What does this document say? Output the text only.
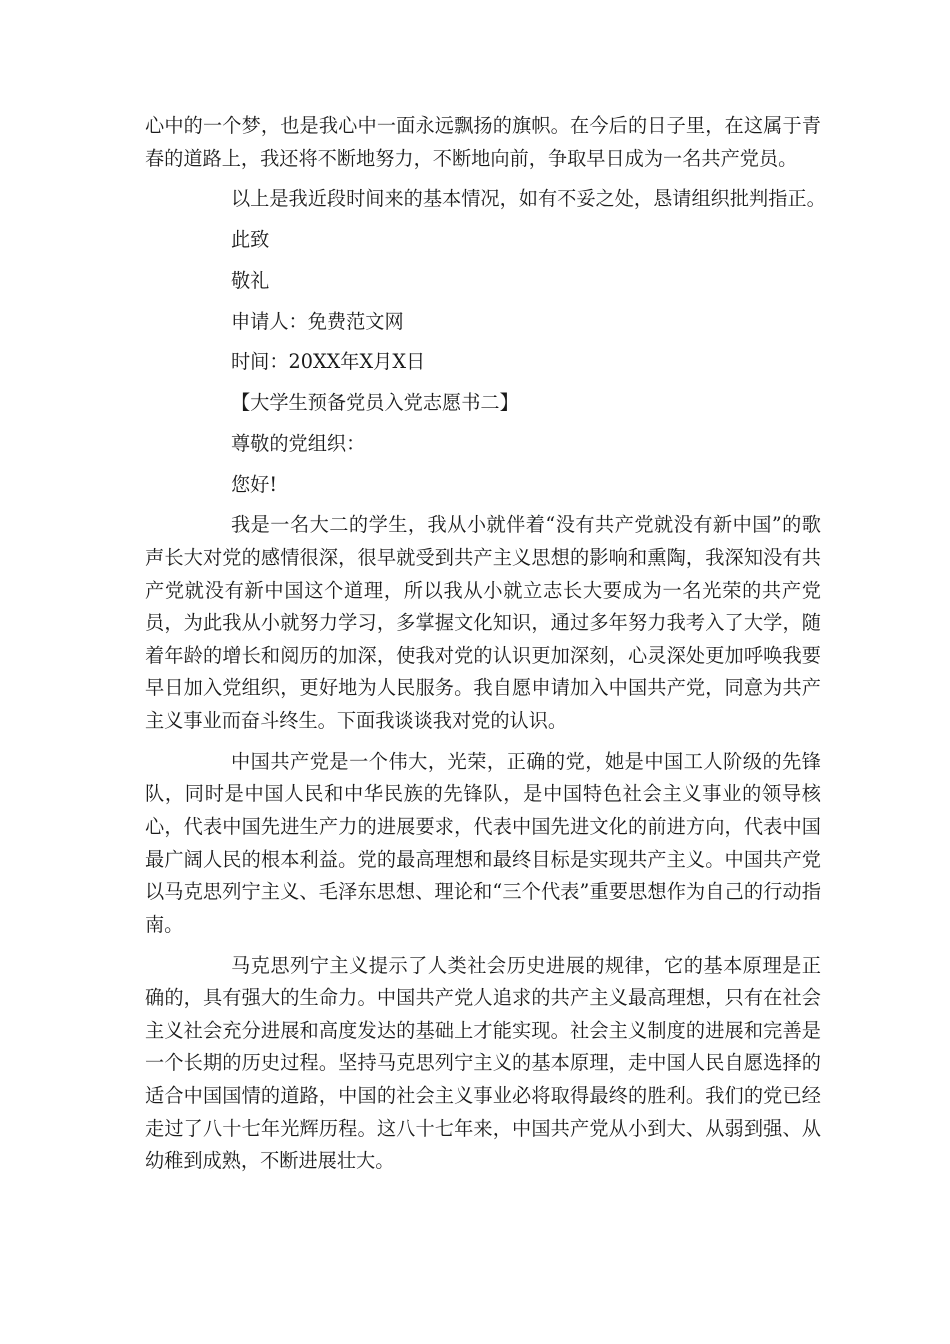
心中的一个梦，也是我心中一面永远飘扬的旗帜。在今后的日子里，在这属于青春的道路上，我还将不断地努力，不断地向前，争取早日成为一名共产党员。

以上是我近段时间来的基本情况，如有不妥之处，恳请组织批判指正。

此致

敬礼

申请人：免费范文网

时间：20XX年X月X日

【大学生预备党员入党志愿书二】

尊敬的党组织：

您好!

我是一名大二的学生，我从小就伴着“没有共产党就没有新中国”的歌声长大对党的感情很深，很早就受到共产主义思想的影响和熏陶，我深知没有共产党就没有新中国这个道理，所以我从小就立志长大要成为一名光荣的共产党员，为此我从小就努力学习，多掌握文化知识，通过多年努力我考入了大学，随着年龄的增长和阅历的加深，使我对党的认识更加深刻，心灵深处更加呼唤我要早日加入党组织，更好地为人民服务。我自愿申请加入中国共产党，同意为共产主义事业而奋斗终生。下面我谈谈我对党的认识。

中国共产党是一个伟大，光荣，正确的党，她是中国工人阶级的先锋队，同时是中国人民和中华民族的先锋队，是中国特色社会主义事业的领导核心，代表中国先进生产力的进展要求，代表中国先进文化的前进方向，代表中国最广阔人民的根本利益。党的最高理想和最终目标是实现共产主义。中国共产党以马克思列宁主义、毛泽东思想、理论和“三个代表”重要思想作为自己的行动指南。

马克思列宁主义提示了人类社会历史进展的规律，它的基本原理是正确的，具有强大的生命力。中国共产党人追求的共产主义最高理想，只有在社会主义社会充分进展和高度发达的基础上才能实现。社会主义制度的进展和完善是一个长期的历史过程。坚持马克思列宁主义的基本原理，走中国人民自愿选择的适合中国国情的道路，中国的社会主义事业必将取得最终的胜利。我们的党已经走过了八十七年光辉历程。这八十七年来，中国共产党从小到大、从弱到强、从幼稚到成熟，不断进展壮大。
